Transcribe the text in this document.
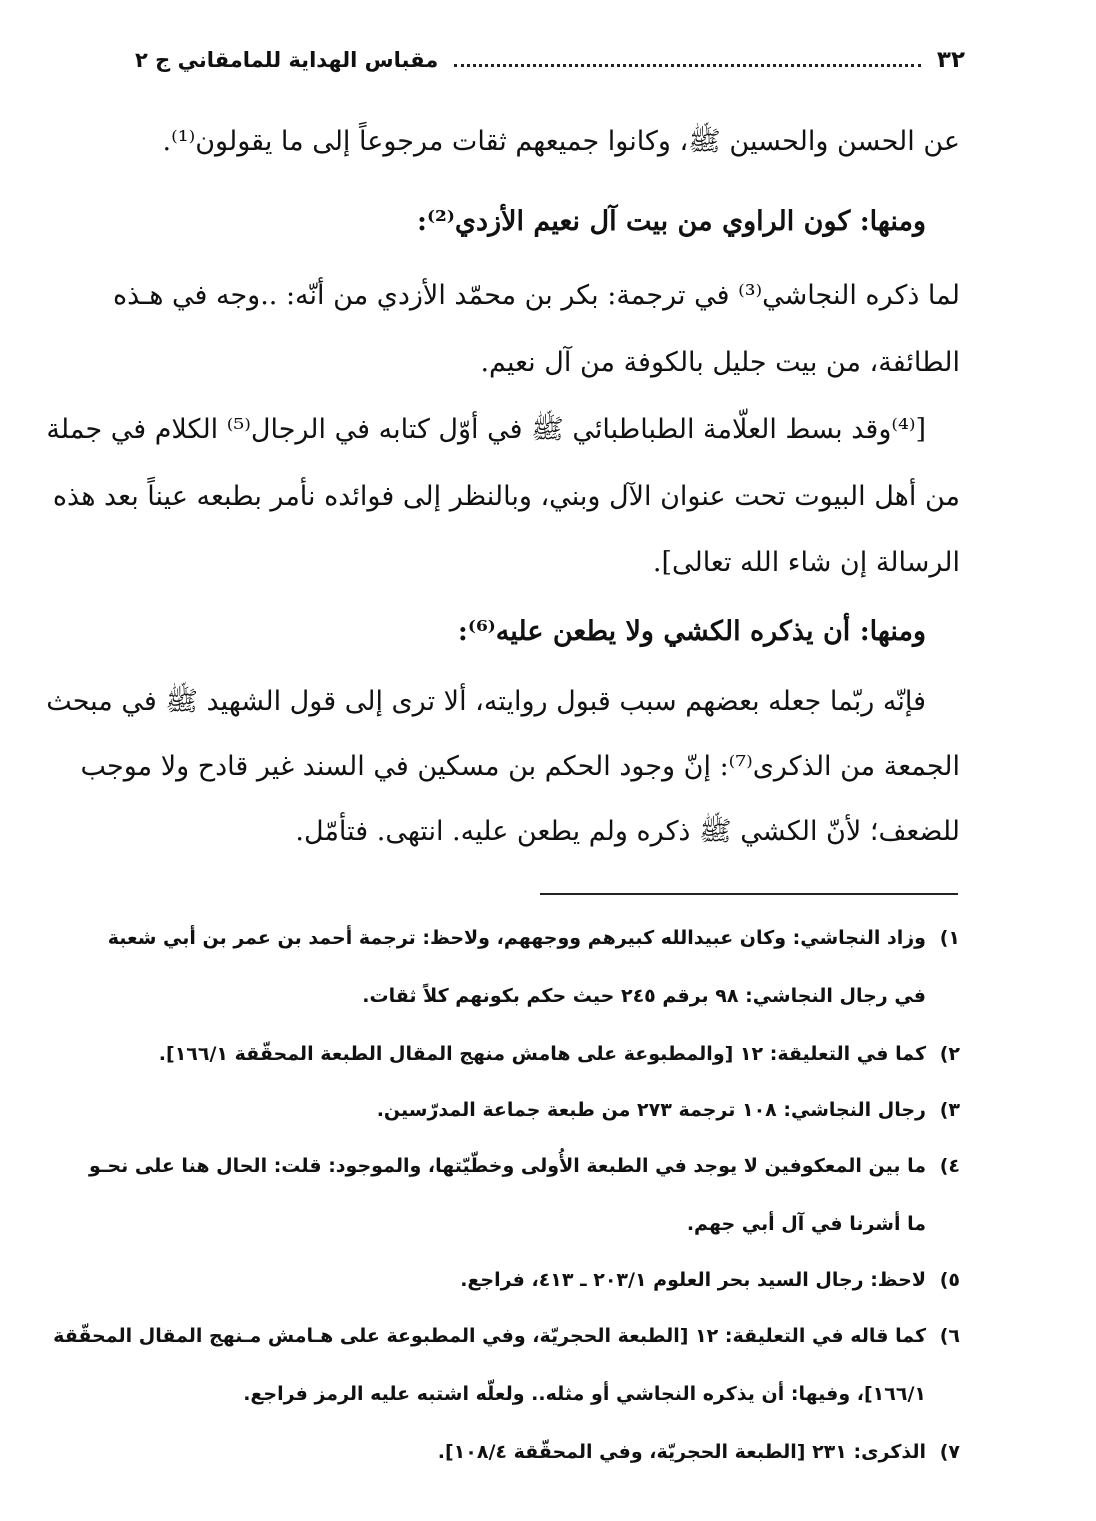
٣٢
مقباس الهداية للمامقاني ج ٢
عن الحسن والحسين ﷺ، وكانوا جميعهم ثقات مرجوعاً إلى ما يقولون⁽¹⁾.
ومنها: كون الراوي من بيت آل نعيم الأزدي⁽²⁾:
لما ذكره النجاشي⁽³⁾ في ترجمة: بكر بن محمّد الأزدي من أنّه: ..وجه في هـذه
الطائفة، من بيت جليل بالكوفة من آل نعيم.
[⁽⁴⁾وقد بسط العلّامة الطباطبائي ﷺ في أوّل كتابه في الرجال⁽⁵⁾ الكلام في جملة
من أهل البيوت تحت عنوان الآل وبني، وبالنظر إلى فوائده نأمر بطبعه عيناً بعد هذه
الرسالة إن شاء الله تعالى].
ومنها: أن يذكره الكشي ولا يطعن عليه⁽⁶⁾:
فإنّه ربّما جعله بعضهم سبب قبول روايته، ألا ترى إلى قول الشهيد ﷺ في مبحث
الجمعة من الذكرى⁽⁷⁾: إنّ وجود الحكم بن مسكين في السند غير قادح ولا موجب
للضعف؛ لأنّ الكشي ﷺ ذكره ولم يطعن عليه. انتهى. فتأمّل.
١)
وزاد النجاشي: وكان عبيدالله كبيرهم ووجههم، ولاحظ: ترجمة أحمد بن عمر بن أبي شعبة
في رجال النجاشي: ٩٨ برقم ٢٤٥ حيث حكم بكونهم كلاً ثقات.
٢)
كما في التعليقة: ١٢ [والمطبوعة على هامش منهج المقال الطبعة المحقّقة ١٦٦/١].
٣)
رجال النجاشي: ١٠٨ ترجمة ٢٧٣ من طبعة جماعة المدرّسين.
٤)
ما بين المعكوفين لا يوجد في الطبعة الأُولى وخطّيّتها، والموجود: قلت: الحال هنا على نحـو
ما أشرنا في آل أبي جهم.
٥)
لاحظ: رجال السيد بحر العلوم ٢٠٣/١ ـ ٤١٣، فراجع.
٦)
كما قاله في التعليقة: ١٢ [الطبعة الحجريّة، وفي المطبوعة على هـامش مـنهج المقال المحقّقة
١٦٦/١]، وفيها: أن يذكره النجاشي أو مثله.. ولعلّه اشتبه عليه الرمز فراجع.
٧)
الذكرى: ٢٣١ [الطبعة الحجريّة، وفي المحقّقة ١٠٨/٤].
